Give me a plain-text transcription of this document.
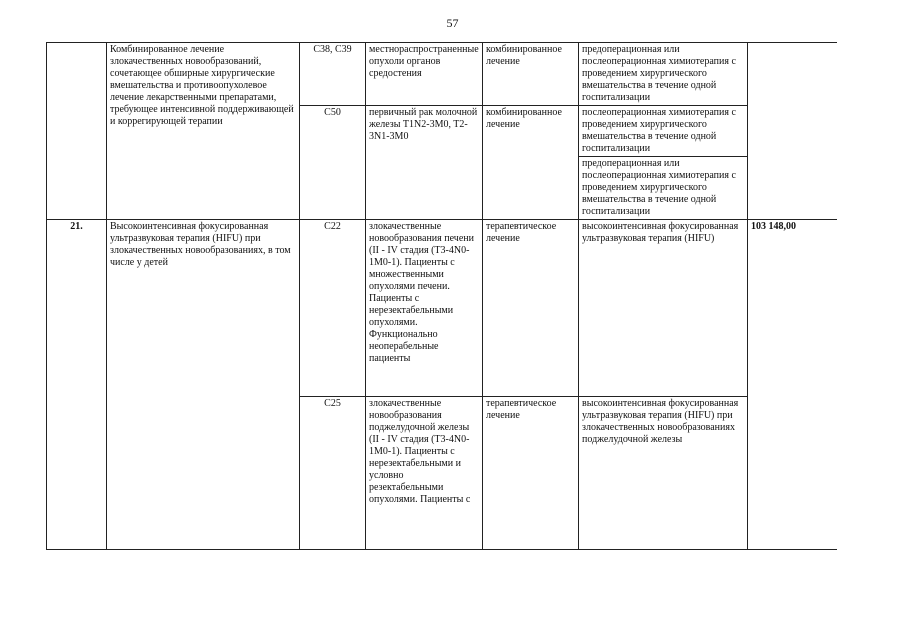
57
	Комбинированное лечение злокачественных новообразований, сочетающее обширные хирургические вмешательства и противоопухолевое лечение лекарственными препаратами, требующее интенсивной поддерживающей и коррегирующей терапии	C38, C39	местнораспространенные опухоли органов средостения	комбинированное лечение	предоперационная или послеоперационная химиотерапия с проведением хирургического вмешательства в течение одной госпитализации	
		C50	первичный рак молочной железы T1N2-3M0, T2-3N1-3M0	комбинированное лечение	послеоперационная химиотерапия с проведением хирургического вмешательства в течение одной госпитализации	
					предоперационная или послеоперационная химиотерапия с проведением хирургического вмешательства в течение одной госпитализации	
21.	Высокоинтенсивная фокусированная ультразвуковая терапия (HIFU) при злокачественных новообразованиях, в том числе у детей	C22	злокачественные новообразования печени (II - IV стадия (T3-4N0-1M0-1). Пациенты с множественными опухолями печени. Пациенты с нерезектабельными опухолями. Функционально неоперабельные пациенты	терапевтическое лечение	высокоинтенсивная фокусированная ультразвуковая терапия (HIFU)	103 148,00
		C25	злокачественные новообразования поджелудочной железы (II - IV стадия (T3-4N0-1M0-1). Пациенты с нерезектабельными и условно резектабельными опухолями. Пациенты с	терапевтическое лечение	высокоинтенсивная фокусированная ультразвуковая терапия (HIFU) при злокачественных новообразованиях поджелудочной железы	
